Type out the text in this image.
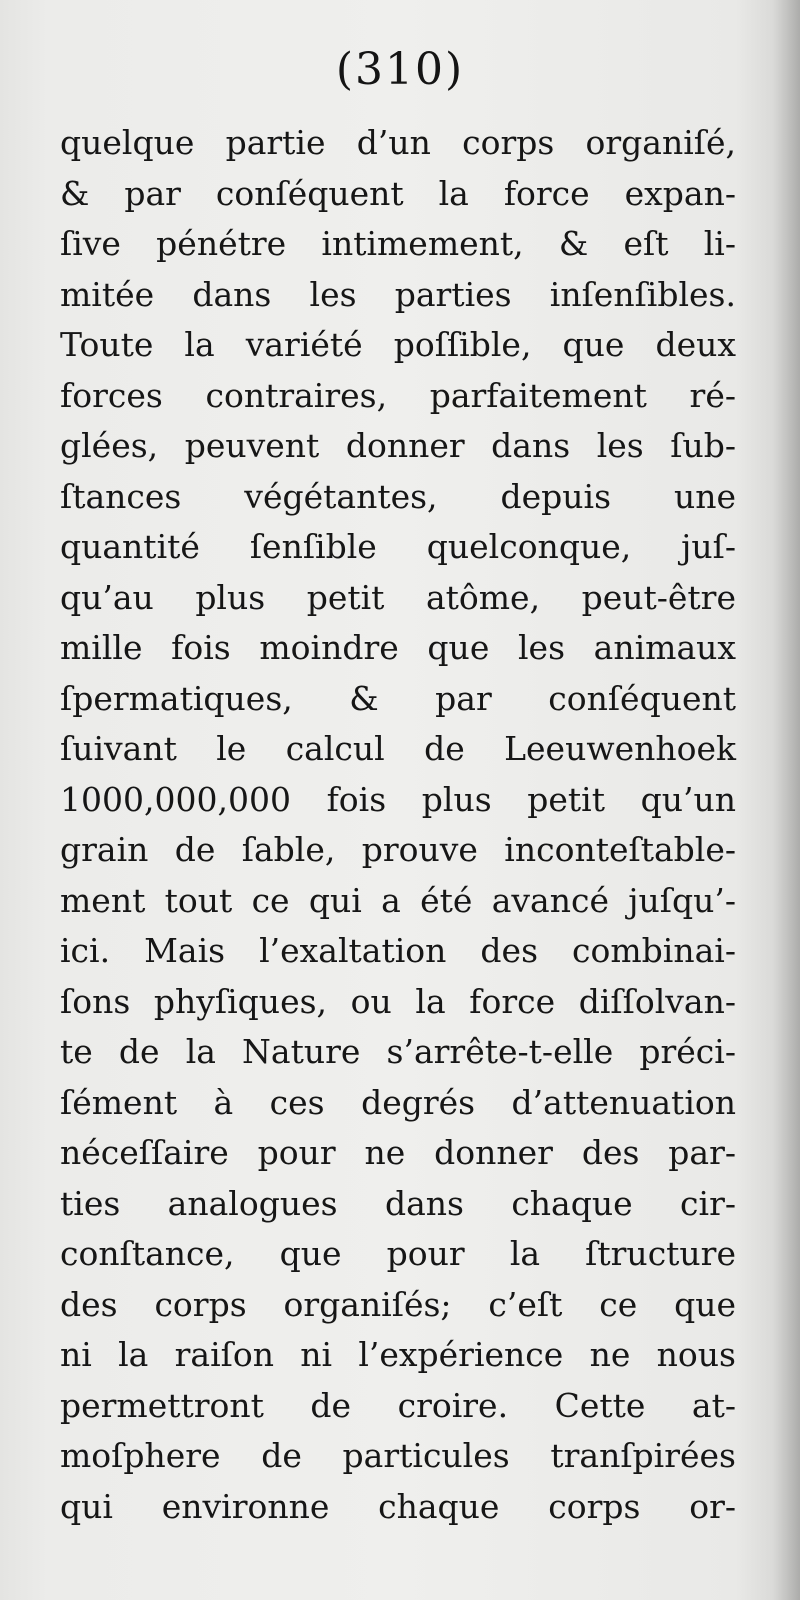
(310)
quelque partie d’un corps organiſé,
& par conſéquent la force expan-
ſive pénétre intimement, & eſt li-
mitée dans les parties inſenſibles.
Toute la variété poſſible, que deux
forces contraires, parfaitement ré-
glées, peuvent donner dans les ſub-
ſtances végétantes, depuis une
quantité ſenſible quelconque, juſ-
qu’au plus petit atôme, peut-être
mille fois moindre que les animaux
ſpermatiques, & par conſéquent
ſuivant le calcul de Leeuwenhoek
1000,000,000 fois plus petit qu’un
grain de ſable, prouve inconteſtable-
ment tout ce qui a été avancé juſqu’-
ici. Mais l’exaltation des combinai-
ſons phyſiques, ou la force diſſolvan-
te de la Nature s’arrête-t-elle préci-
ſément à ces degrés d’attenuation
néceſſaire pour ne donner des par-
ties analogues dans chaque cir-
conſtance, que pour la ſtructure
des corps organiſés; c’eſt ce que
ni la raiſon ni l’expérience ne nous
permettront de croire. Cette at-
moſphere de particules tranſpirées
qui environne chaque corps or-
